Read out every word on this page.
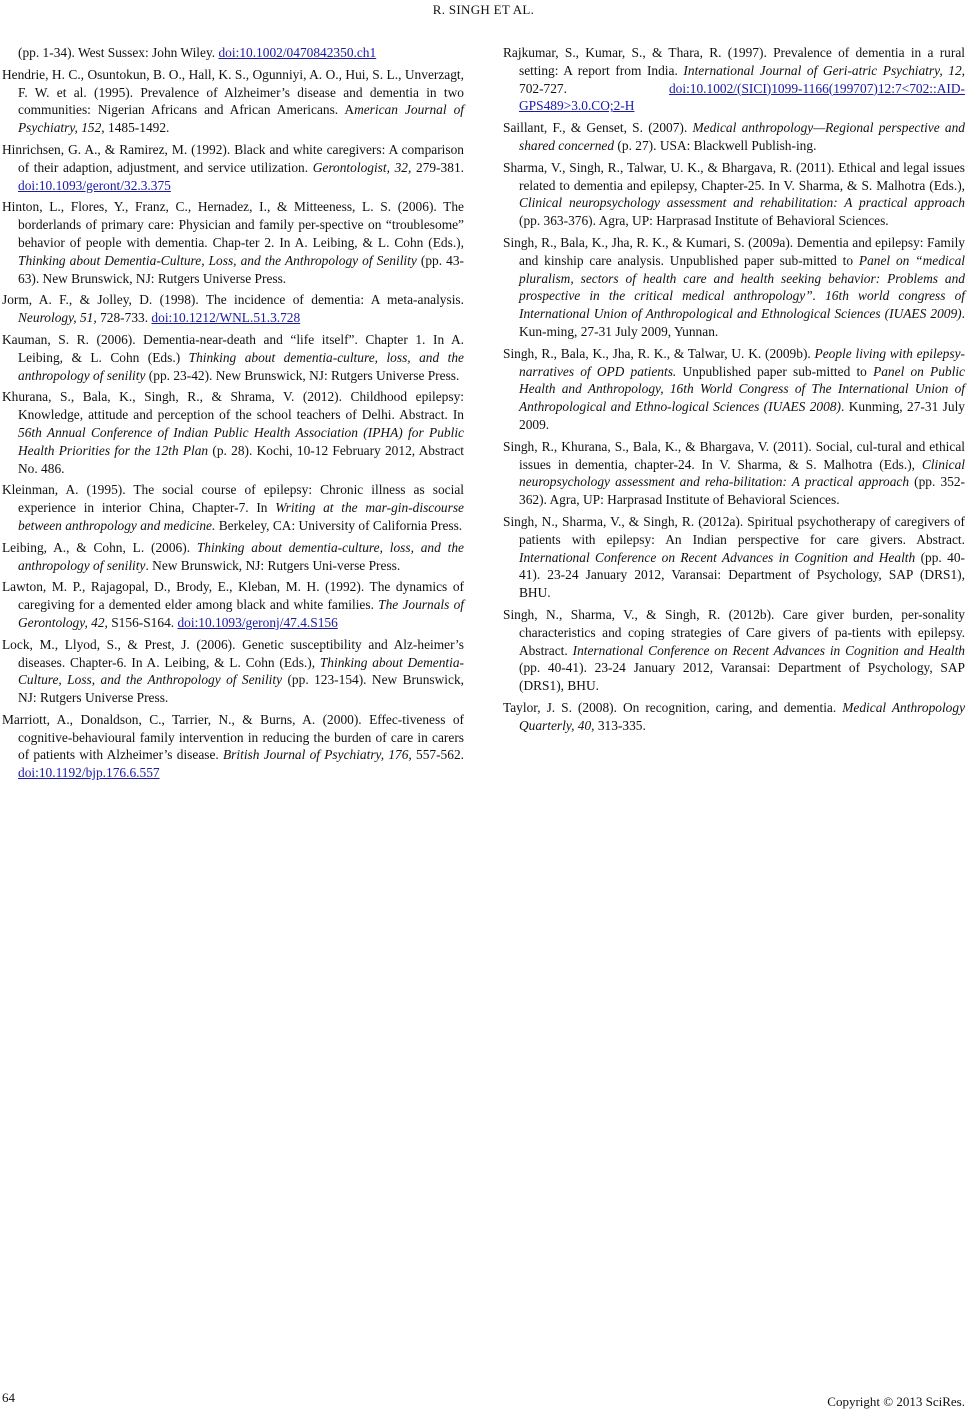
R. SINGH ET AL.

(pp. 1-34). West Sussex: John Wiley. doi:10.1002/0470842350.ch1

Hendrie, H. C., Osuntokun, B. O., Hall, K. S., Ogunniyi, A. O., Hui, S. L., Unverzagt, F. W. et al. (1995). Prevalence of Alzheimer’s disease and dementia in two communities: Nigerian Africans and African Americans. American Journal of Psychiatry, 152, 1485-1492.

Hinrichsen, G. A., & Ramirez, M. (1992). Black and white caregivers: A comparison of their adaption, adjustment, and service utilization. Gerontologist, 32, 279-381. doi:10.1093/geront/32.3.375

Hinton, L., Flores, Y., Franz, C., Hernadez, I., & Mitteeness, L. S. (2006). The borderlands of primary care: Physician and family per-spective on “troublesome” behavior of people with dementia. Chap-ter 2. In A. Leibing, & L. Cohn (Eds.), Thinking about Dementia-Culture, Loss, and the Anthropology of Senility (pp. 43-63). New Brunswick, NJ: Rutgers Universe Press.

Jorm, A. F., & Jolley, D. (1998). The incidence of dementia: A meta-analysis. Neurology, 51, 728-733. doi:10.1212/WNL.51.3.728

Kauman, S. R. (2006). Dementia-near-death and “life itself”. Chapter 1. In A. Leibing, & L. Cohn (Eds.) Thinking about dementia-culture, loss, and the anthropology of senility (pp. 23-42). New Brunswick, NJ: Rutgers Universe Press.

Khurana, S., Bala, K., Singh, R., & Shrama, V. (2012). Childhood epilepsy: Knowledge, attitude and perception of the school teachers of Delhi. Abstract. In 56th Annual Conference of Indian Public Health Association (IPHA) for Public Health Priorities for the 12th Plan (p. 28). Kochi, 10-12 February 2012, Abstract No. 486.

Kleinman, A. (1995). The social course of epilepsy: Chronic illness as social experience in interior China, Chapter-7. In Writing at the mar-gin-discourse between anthropology and medicine. Berkeley, CA: University of California Press.

Leibing, A., & Cohn, L. (2006). Thinking about dementia-culture, loss, and the anthropology of senility. New Brunswick, NJ: Rutgers Uni-verse Press.

Lawton, M. P., Rajagopal, D., Brody, E., Kleban, M. H. (1992). The dynamics of caregiving for a demented elder among black and white families. The Journals of Gerontology, 42, S156-S164. doi:10.1093/geronj/47.4.S156

Lock, M., Llyod, S., & Prest, J. (2006). Genetic susceptibility and Alz-heimer’s diseases. Chapter-6. In A. Leibing, & L. Cohn (Eds.), Thinking about Dementia-Culture, Loss, and the Anthropology of Senility (pp. 123-154). New Brunswick, NJ: Rutgers Universe Press.

Marriott, A., Donaldson, C., Tarrier, N., & Burns, A. (2000). Effec-tiveness of cognitive-behavioural family intervention in reducing the burden of care in carers of patients with Alzheimer’s disease. British Journal of Psychiatry, 176, 557-562. doi:10.1192/bjp.176.6.557

Rajkumar, S., Kumar, S., & Thara, R. (1997). Prevalence of dementia in a rural setting: A report from India. International Journal of Geri-atric Psychiatry, 12, 702-727. doi:10.1002/(SICI)1099-1166(199707)12:7<702::AID-GPS489>3.0.CO;2-H

Saillant, F., & Genset, S. (2007). Medical anthropology—Regional perspective and shared concerned (p. 27). USA: Blackwell Publish-ing.

Sharma, V., Singh, R., Talwar, U. K., & Bhargava, R. (2011). Ethical and legal issues related to dementia and epilepsy, Chapter-25. In V. Sharma, & S. Malhotra (Eds.), Clinical neuropsychology assessment and rehabilitation: A practical approach (pp. 363-376). Agra, UP: Harprasad Institute of Behavioral Sciences.

Singh, R., Bala, K., Jha, R. K., & Kumari, S. (2009a). Dementia and epilepsy: Family and kinship care analysis. Unpublished paper sub-mitted to Panel on “medical pluralism, sectors of health care and health seeking behavior: Problems and prospective in the critical medical anthropology”. 16th world congress of International Union of Anthropological and Ethnological Sciences (IUAES 2009). Kun-ming, 27-31 July 2009, Yunnan.

Singh, R., Bala, K., Jha, R. K., & Talwar, U. K. (2009b). People living with epilepsy-narratives of OPD patients. Unpublished paper sub-mitted to Panel on Public Health and Anthropology, 16th World Congress of The International Union of Anthropological and Ethno-logical Sciences (IUAES 2008). Kunming, 27-31 July 2009.

Singh, R., Khurana, S., Bala, K., & Bhargava, V. (2011). Social, cul-tural and ethical issues in dementia, chapter-24. In V. Sharma, & S. Malhotra (Eds.), Clinical neuropsychology assessment and reha-bilitation: A practical approach (pp. 352-362). Agra, UP: Harprasad Institute of Behavioral Sciences.

Singh, N., Sharma, V., & Singh, R. (2012a). Spiritual psychotherapy of caregivers of patients with epilepsy: An Indian perspective for care givers. Abstract. International Conference on Recent Advances in Cognition and Health (pp. 40-41). 23-24 January 2012, Varansai: Department of Psychology, SAP (DRS1), BHU.

Singh, N., Sharma, V., & Singh, R. (2012b). Care giver burden, per-sonality characteristics and coping strategies of Care givers of pa-tients with epilepsy. Abstract. International Conference on Recent Advances in Cognition and Health (pp. 40-41). 23-24 January 2012, Varansai: Department of Psychology, SAP (DRS1), BHU.

Taylor, J. S. (2008). On recognition, caring, and dementia. Medical Anthropology Quarterly, 40, 313-335.

64	Copyright © 2013 SciRes.
